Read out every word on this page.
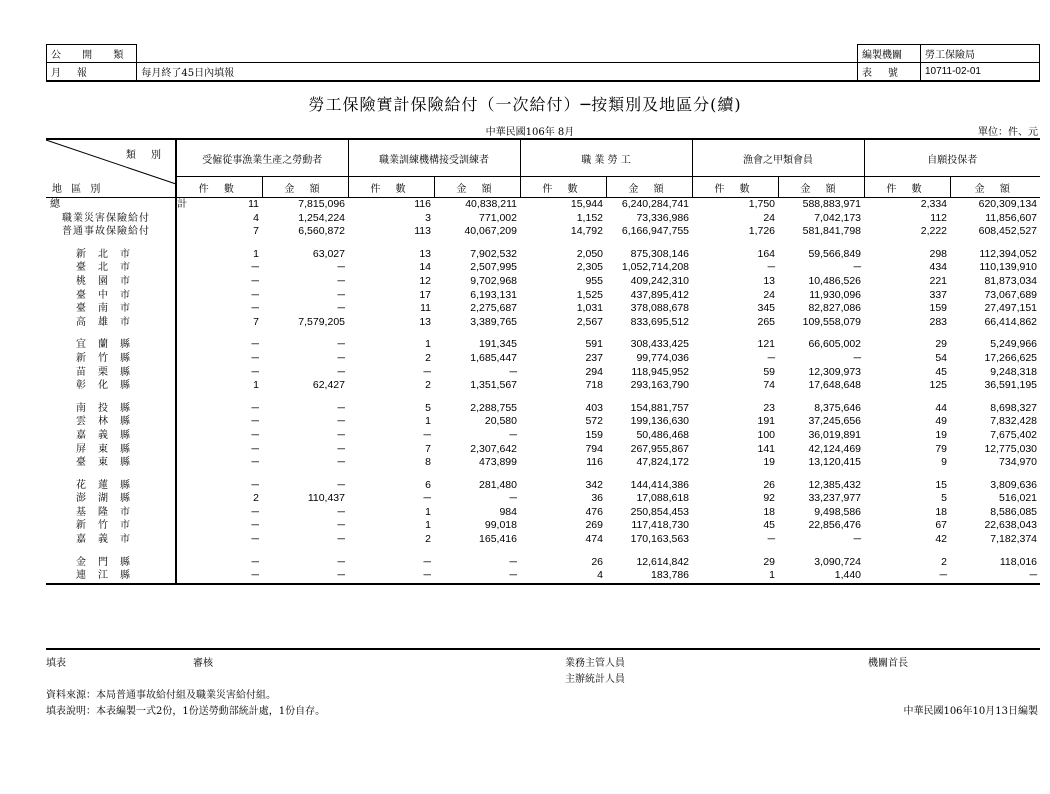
公 開 類		編製機關	勞工保險局
月     報	每月終了45日內填報	表     號	10711-02-01
勞工保險實計保險給付（一次給付）─按類別及地區分(續)
中華民國106年 8月	單位：件、元
類 別
地 區 別	受僱從事漁業生產之勞動者		職業訓練機構接受訓練者		職 業 勞 工		漁會之甲類會員		自願投保者	
	件 數	金 額	件 數	金 額	件 數	金 額	件 數	金 額	件 數	金 額
總      計	11	7,815,096	116	40,838,211	15,944	6,240,284,741	1,750	588,883,971	2,334	620,309,134
職業災害保險給付	4	1,254,224	3	771,002	1,152	73,336,986	24	7,042,173	112	11,856,607
普通事故保險給付	7	6,560,872	113	40,067,209	14,792	6,166,947,755	1,726	581,841,798	2,222	608,452,527

新北市	1	63,027	13	7,902,532	2,050	875,308,146	164	59,566,849	298	112,394,052
臺北市	─	─	14	2,507,995	2,305	1,052,714,208	─	─	434	110,139,910
桃園市	─	─	12	9,702,968	955	409,242,310	13	10,486,526	221	81,873,034
臺中市	─	─	17	6,193,131	1,525	437,895,412	24	11,930,096	337	73,067,689
臺南市	─	─	11	2,275,687	1,031	378,088,678	345	82,827,086	159	27,497,151
高雄市	7	7,579,205	13	3,389,765	2,567	833,695,512	265	109,558,079	283	66,414,862

宜蘭縣	─	─	1	191,345	591	308,433,425	121	66,605,002	29	5,249,966
新竹縣	─	─	2	1,685,447	237	99,774,036	─	─	54	17,266,625
苗栗縣	─	─	─	─	294	118,945,952	59	12,309,973	45	9,248,318
彰化縣	1	62,427	2	1,351,567	718	293,163,790	74	17,648,648	125	36,591,195

南投縣	─	─	5	2,288,755	403	154,881,757	23	8,375,646	44	8,698,327
雲林縣	─	─	1	20,580	572	199,136,630	191	37,245,656	49	7,832,428
嘉義縣	─	─	─	─	159	50,486,468	100	36,019,891	19	7,675,402
屏東縣	─	─	7	2,307,642	794	267,955,867	141	42,124,469	79	12,775,030
臺東縣	─	─	8	473,899	116	47,824,172	19	13,120,415	9	734,970

花蓮縣	─	─	6	281,480	342	144,414,386	26	12,385,432	15	3,809,636
澎湖縣	2	110,437	─	─	36	17,088,618	92	33,237,977	5	516,021
基隆市	─	─	1	984	476	250,854,453	18	9,498,586	18	8,586,085
新竹市	─	─	1	99,018	269	117,418,730	45	22,856,476	67	22,638,043
嘉義市	─	─	2	165,416	474	170,163,563	─	─	42	7,182,374

金門縣	─	─	─	─	26	12,614,842	29	3,090,724	2	118,016
連江縣	─	─	─	─	4	183,786	1	1,440	─	─
填表	審核	業務主管人員
主辦統計人員
機關首長
資料來源：本局普通事故給付組及職業災害給付組。
填表說明：本表編製一式2份，1份送勞動部統計處，1份自存。	中華民國106年10月13日編製
